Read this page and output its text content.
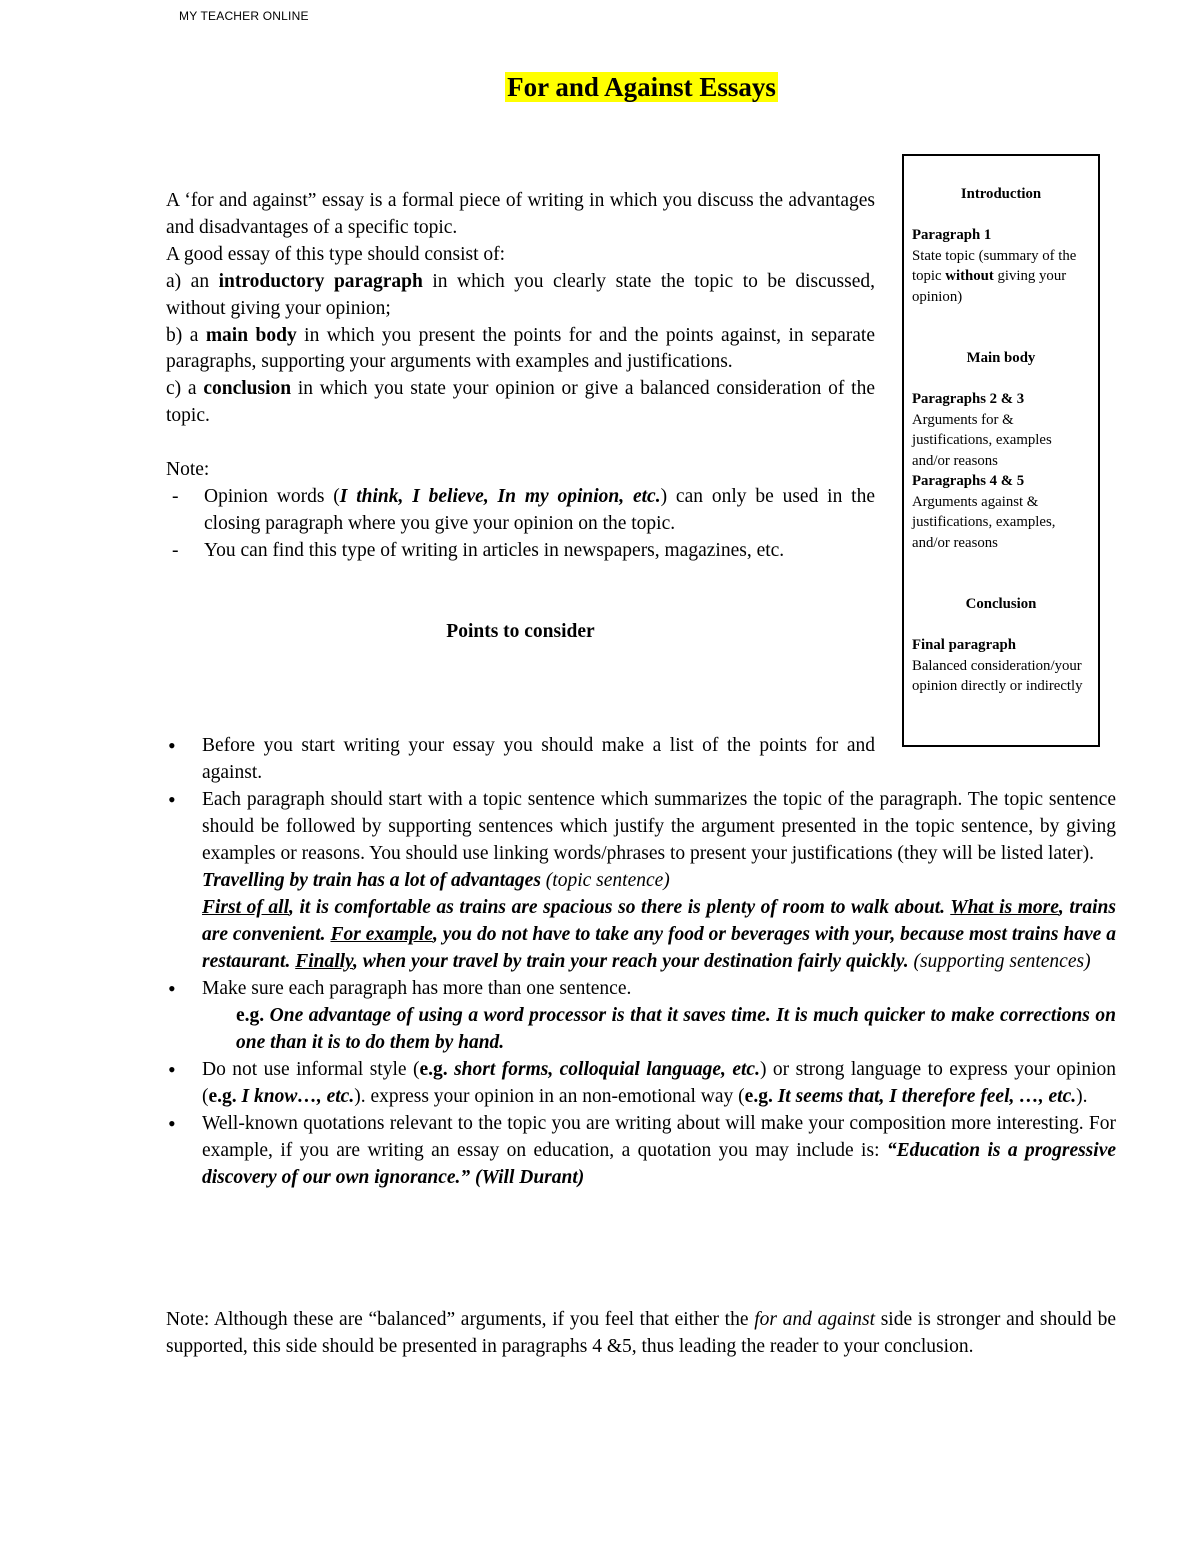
MY TEACHER ONLINE
For and Against Essays

A ‘for and against” essay is a formal piece of writing in which you discuss the advantages and disadvantages of a specific topic.

A good essay of this type should consist of:

a) an introductory paragraph in which you clearly state the topic to be discussed, without giving your opinion;

b) a main body in which you present the points for and the points against, in separate paragraphs, supporting your arguments with examples and justifications.

c) a conclusion in which you state your opinion or give a balanced consideration of the topic.

Note:

- Opinion words (I think, I believe, In my opinion, etc.) can only be used in the closing paragraph where you give your opinion on the topic.
- You can find this type of writing in articles in newspapers, magazines, etc.

Points to consider

Introduction

Paragraph 1

State topic (summary of the topic without giving your opinion)

Main body

Paragraphs 2 & 3

Arguments for & justifications, examples and/or reasons

Paragraphs 4 & 5

Arguments against & justifications, examples, and/or reasons

Conclusion

Final paragraph

Balanced consideration/your opinion directly or indirectly

• Before you start writing your essay you should make a list of the points for and against.
• Each paragraph should start with a topic sentence which summarizes the topic of the paragraph. The topic sentence should be followed by supporting sentences which justify the argument presented in the topic sentence, by giving examples or reasons. You should use linking words/phrases to present your justifications (they will be listed later).
Travelling by train has a lot of advantages (topic sentence)
First of all, it is comfortable as trains are spacious so there is plenty of room to walk about. What is more, trains are convenient. For example, you do not have to take any food or beverages with your, because most trains have a restaurant. Finally, when your travel by train your reach your destination fairly quickly. (supporting sentences)
• Make sure each paragraph has more than one sentence.
e.g. One advantage of using a word processor is that it saves time. It is much quicker to make corrections on one than it is to do them by hand.
• Do not use informal style (e.g. short forms, colloquial language, etc.) or strong language to express your opinion (e.g. I know…, etc.). express your opinion in an non-emotional way (e.g. It seems that, I therefore feel, …, etc.).
• Well-known quotations relevant to the topic you are writing about will make your composition more interesting. For example, if you are writing an essay on education, a quotation you may include is: “Education is a progressive discovery of our own ignorance.” (Will Durant)

Note: Although these are “balanced” arguments, if you feel that either the for and against side is stronger and should be supported, this side should be presented in paragraphs 4 &5, thus leading the reader to your conclusion.
